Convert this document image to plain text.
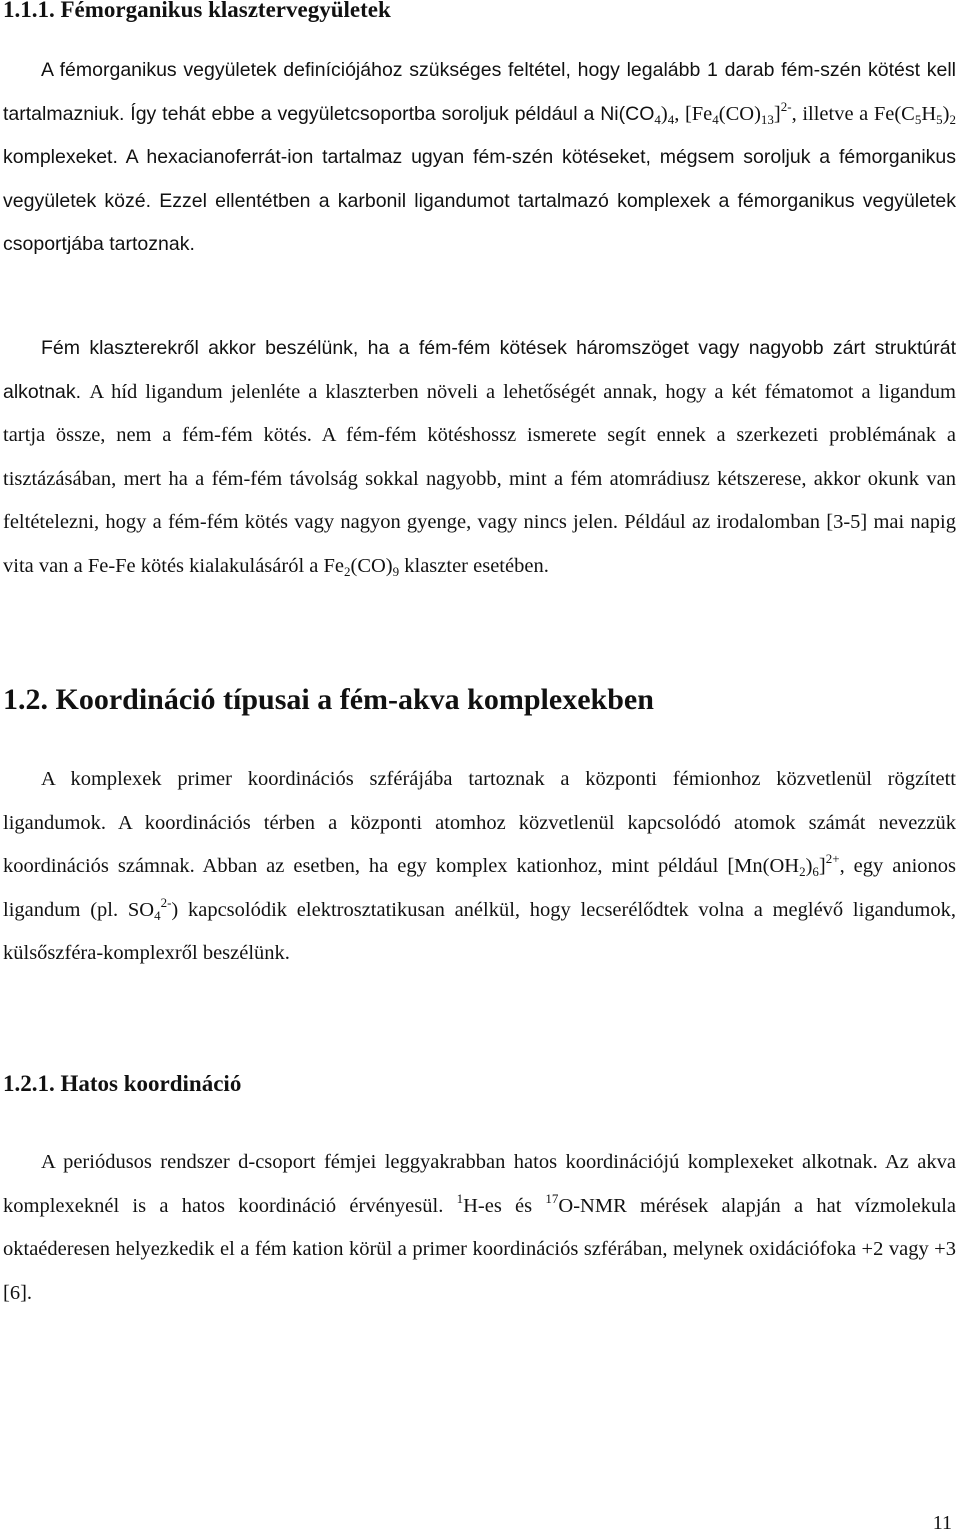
1.1.1. Fémorganikus klasztervegyületek

A fémorganikus vegyületek definíciójához szükséges feltétel, hogy legalább 1 darab fém-szén kötést kell tartalmazniuk. Így tehát ebbe a vegyületcsoportba soroljuk például a $Ni(CO_4)_4$, $[Fe_4(CO)_{13}]^{2-}$, illetve a $Fe(C_5H_5)_2$ komplexeket. A hexacianoferrát-ion tartalmaz ugyan fém-szén kötéseket, mégsem soroljuk a fémorganikus vegyületek közé. Ezzel ellentétben a karbonil ligandumot tartalmazó komplexek a fémorganikus vegyületek csoportjába tartoznak.

Fém klaszterekről akkor beszélünk, ha a fém-fém kötések háromszöget vagy nagyobb zárt struktúrát alkotnak. A híd ligandum jelenléte a klaszterben növeli a lehetőségét annak, hogy a két fématomot a ligandum tartja össze, nem a fém-fém kötés. A fém-fém kötéshossz ismerete segít ennek a szerkezeti problémának a tisztázásában, mert ha a fém-fém távolság sokkal nagyobb, mint a fém atomrádiusz kétszerese, akkor okunk van feltételezni, hogy a fém-fém kötés vagy nagyon gyenge, vagy nincs jelen. Például az irodalomban [3-5] mai napig vita van a Fe-Fe kötés kialakulásáról a $Fe_2(CO)_9$ klaszter esetében.

1.2. Koordináció típusai a fém-akva komplexekben

A komplexek primer koordinációs szférájába tartoznak a központi fémionhoz közvetlenül rögzített ligandumok. A koordinációs térben a központi atomhoz közvetlenül kapcsolódó atomok számát nevezzük koordinációs számnak. Abban az esetben, ha egy komplex kationhoz, mint például $[Mn(OH_2)_6]^{2+}$, egy anionos ligandum (pl. $SO_4^{2-}$) kapcsolódik elektrosztatikusan anélkül, hogy lecserélődtek volna a meglévő ligandumok, külsőszféra-komplexről beszélünk.

1.2.1. Hatos koordináció

A periódusos rendszer d-csoport fémjei leggyakrabban hatos koordinációjú komplexeket alkotnak. Az akva komplexeknél is a hatos koordináció érvényesül. $^1$H-es és $^{17}$O-NMR mérések alapján a hat vízmolekula oktaéderesen helyezkedik el a fém kation körül a primer koordinációs szférában, melynek oxidációfoka +2 vagy +3 [6].

11
